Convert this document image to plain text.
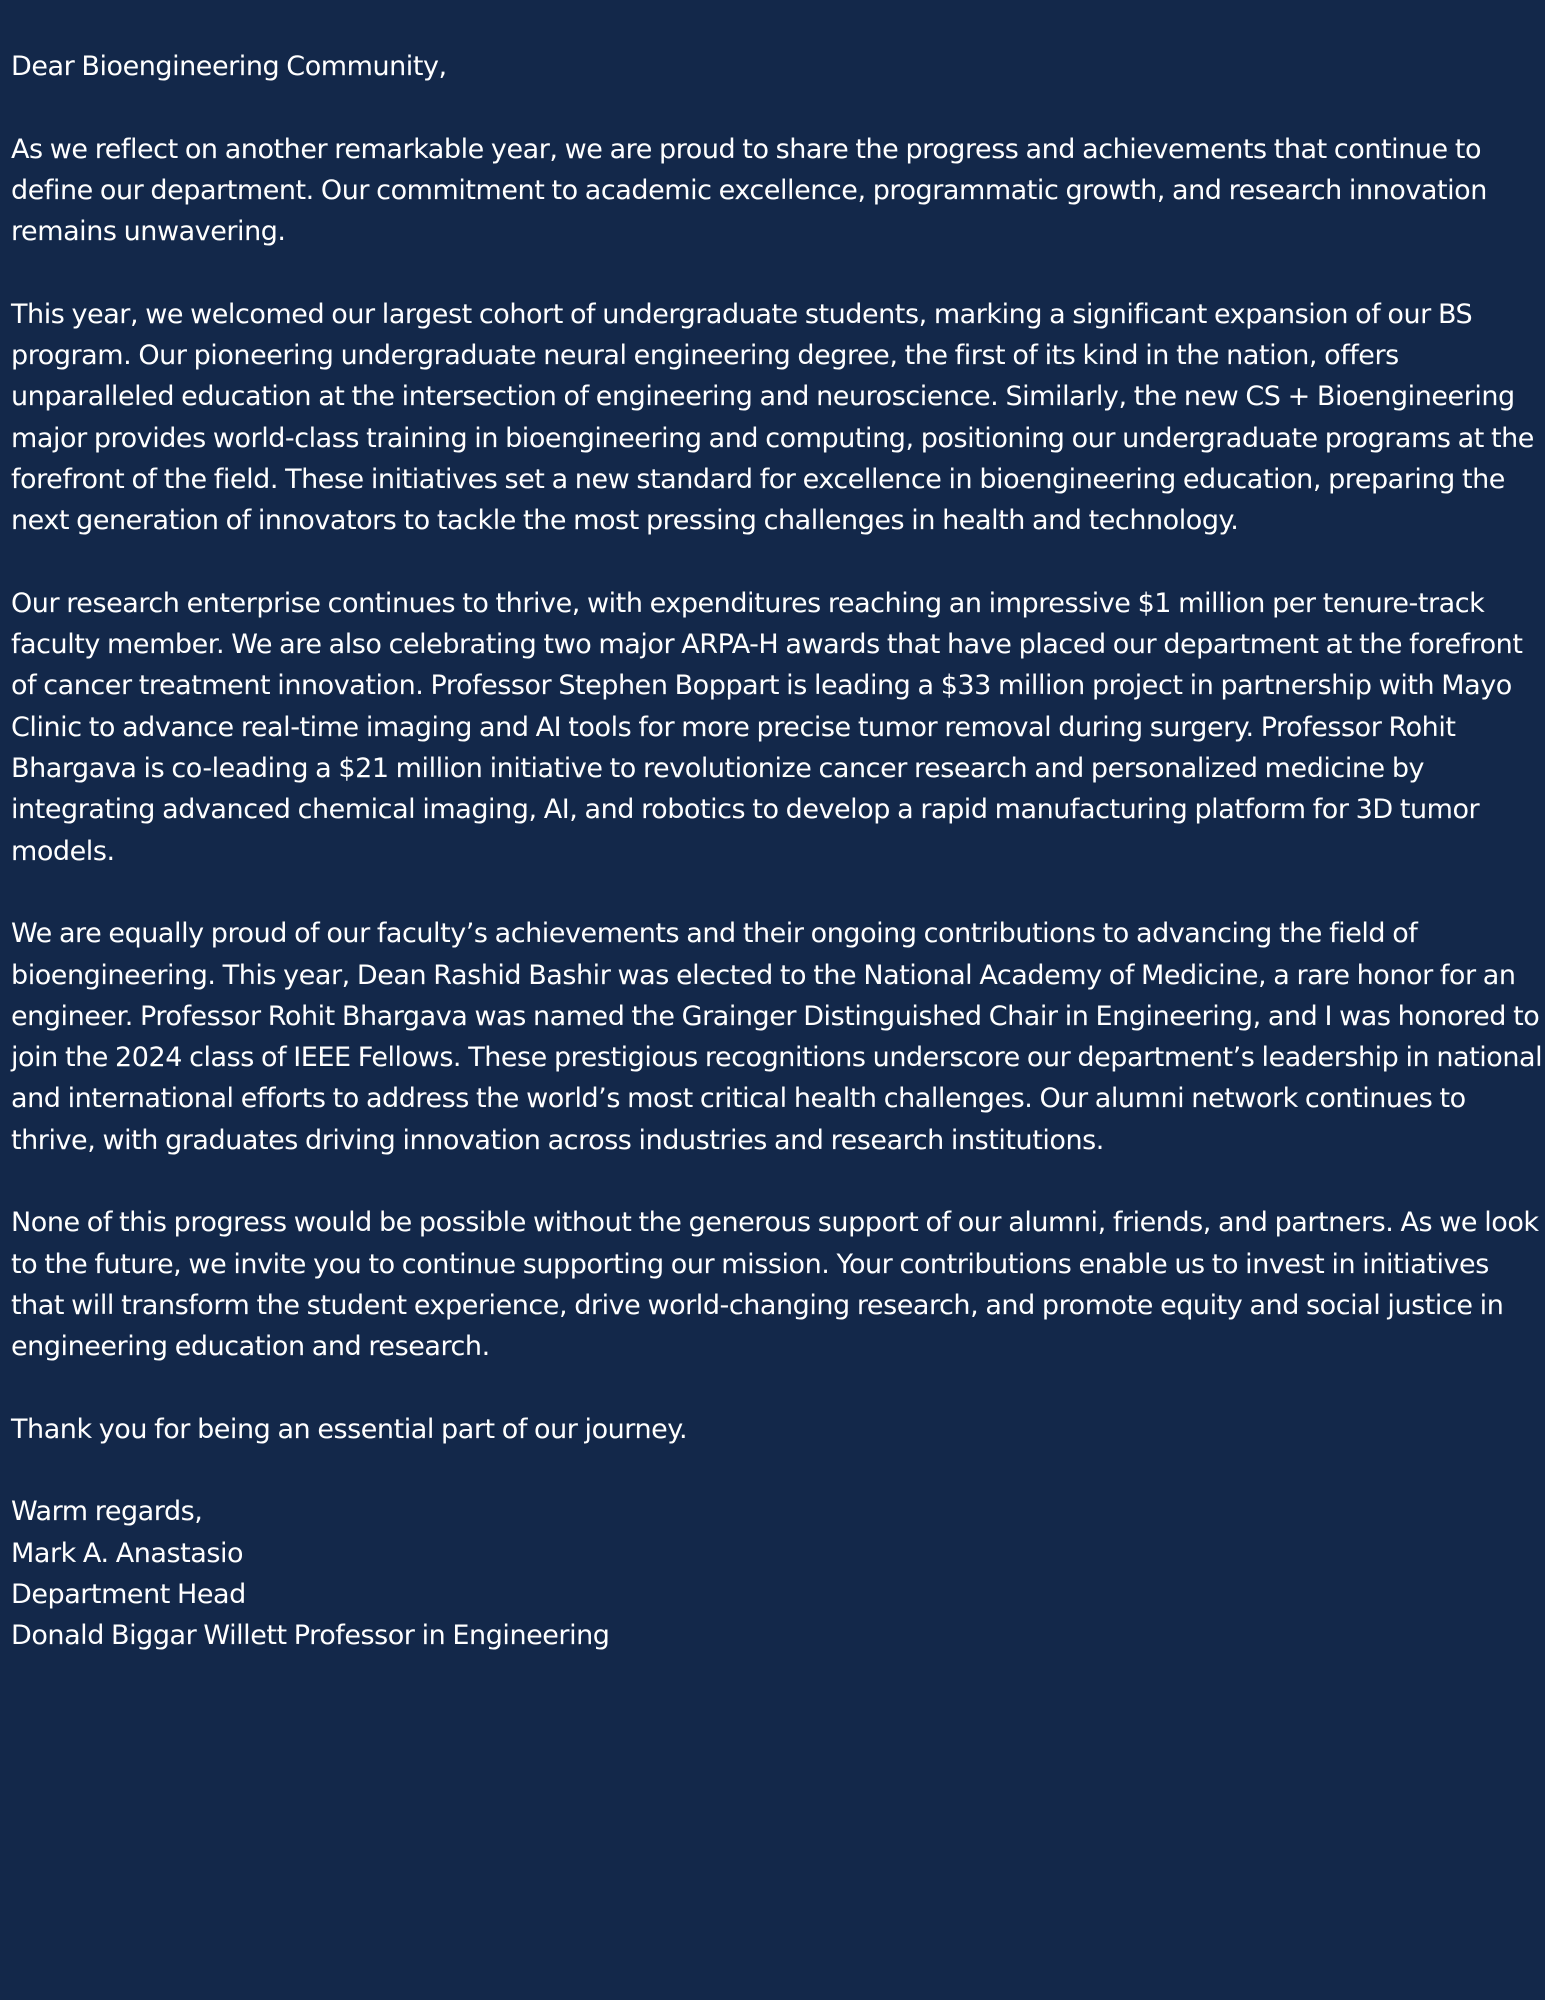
Dear Bioengineering Community,

As we reflect on another remarkable year, we are proud to share the progress and achievements that continue to define our department. Our commitment to academic excellence, programmatic growth, and research innovation remains unwavering.

This year, we welcomed our largest cohort of undergraduate students, marking a significant expansion of our BS program. Our pioneering undergraduate neural engineering degree, the first of its kind in the nation, offers unparalleled education at the intersection of engineering and neuroscience. Similarly, the new CS + Bioengineering major provides world-class training in bioengineering and computing, positioning our undergraduate programs at the forefront of the field. These initiatives set a new standard for excellence in bioengineering education, preparing the next generation of innovators to tackle the most pressing challenges in health and technology.

Our research enterprise continues to thrive, with expenditures reaching an impressive $1 million per tenure-track faculty member. We are also celebrating two major ARPA-H awards that have placed our department at the forefront of cancer treatment innovation. Professor Stephen Boppart is leading a $33 million project in partnership with Mayo Clinic to advance real-time imaging and AI tools for more precise tumor removal during surgery. Professor Rohit Bhargava is co-leading a $21 million initiative to revolutionize cancer research and personalized medicine by integrating advanced chemical imaging, AI, and robotics to develop a rapid manufacturing platform for 3D tumor models.

We are equally proud of our faculty’s achievements and their ongoing contributions to advancing the field of bioengineering. This year, Dean Rashid Bashir was elected to the National Academy of Medicine, a rare honor for an engineer. Professor Rohit Bhargava was named the Grainger Distinguished Chair in Engineering, and I was honored to join the 2024 class of IEEE Fellows. These prestigious recognitions underscore our department’s leadership in national and international efforts to address the world’s most critical health challenges. Our alumni network continues to thrive, with graduates driving innovation across industries and research institutions.

None of this progress would be possible without the generous support of our alumni, friends, and partners. As we look to the future, we invite you to continue supporting our mission. Your contributions enable us to invest in initiatives that will transform the student experience, drive world-changing research, and promote equity and social justice in engineering education and research.

Thank you for being an essential part of our journey.

Warm regards,

Mark A. Anastasio

Department Head

Donald Biggar Willett Professor in Engineering
